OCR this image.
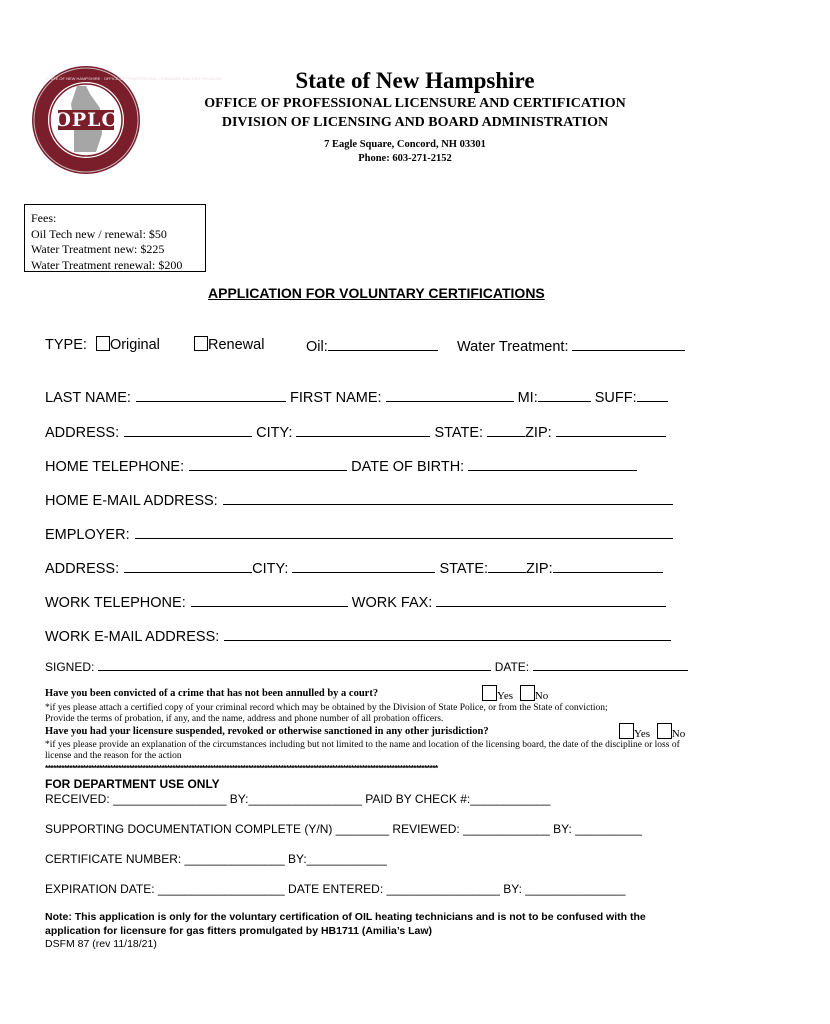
OPLC
STATE OF NEW HAMPSHIRE · OFFICE OF PROFESSIONAL LICENSURE AND CERTIFICATION	State of New Hampshire
OFFICE OF PROFESSIONAL LICENSURE AND CERTIFICATION
DIVISION OF LICENSING AND BOARD ADMINISTRATION
7 Eagle Square, Concord, NH 03301
Phone: 603-271-2152
Fees:
Oil Tech new / renewal: $50
Water Treatment new: $225
Water Treatment renewal: $200
APPLICATION FOR VOLUNTARY CERTIFICATIONS
TYPE: Original	Renewal	Oil:	Water Treatment:
LAST NAME:	FIRST NAME:	MI:	SUFF:
ADDRESS:	CITY:	STATE:	ZIP:
HOME TELEPHONE:	DATE OF BIRTH:
HOME E-MAIL ADDRESS:
EMPLOYER:
ADDRESS:	CITY:	STATE:	ZIP:
WORK TELEPHONE:	WORK FAX:
WORK E-MAIL ADDRESS:
SIGNED:	DATE:
Have you been convicted of a crime that has not been annulled by a court?	Yes No
*if yes please attach a certified copy of your criminal record which may be obtained by the Division of State Police, or from the State of conviction;
Provide the terms of probation, if any, and the name, address and phone number of all probation officers.
Have you had your licensure suspended, revoked or otherwise sanctioned in any other jurisdiction?	Yes No
*if yes please provide an explanation of the circumstances including but not limited to the name and location of the licensing board, the date of the discipline or loss of
license and the reason for the action
*************************************************************************************************************************************************
FOR DEPARTMENT USE ONLY
RECEIVED: _________________ BY:_________________ PAID BY CHECK #:____________
SUPPORTING DOCUMENTATION COMPLETE (Y/N) ________ REVIEWED: _____________ BY: __________
CERTIFICATE NUMBER: _______________ BY:____________
EXPIRATION DATE: ___________________ DATE ENTERED: _________________ BY: _______________
Note: This application is only for the voluntary certification of OIL heating technicians and is not to be confused with the
application for licensure for gas fitters promulgated by HB1711 (Amilia’s Law)
DSFM 87 (rev 11/18/21)
